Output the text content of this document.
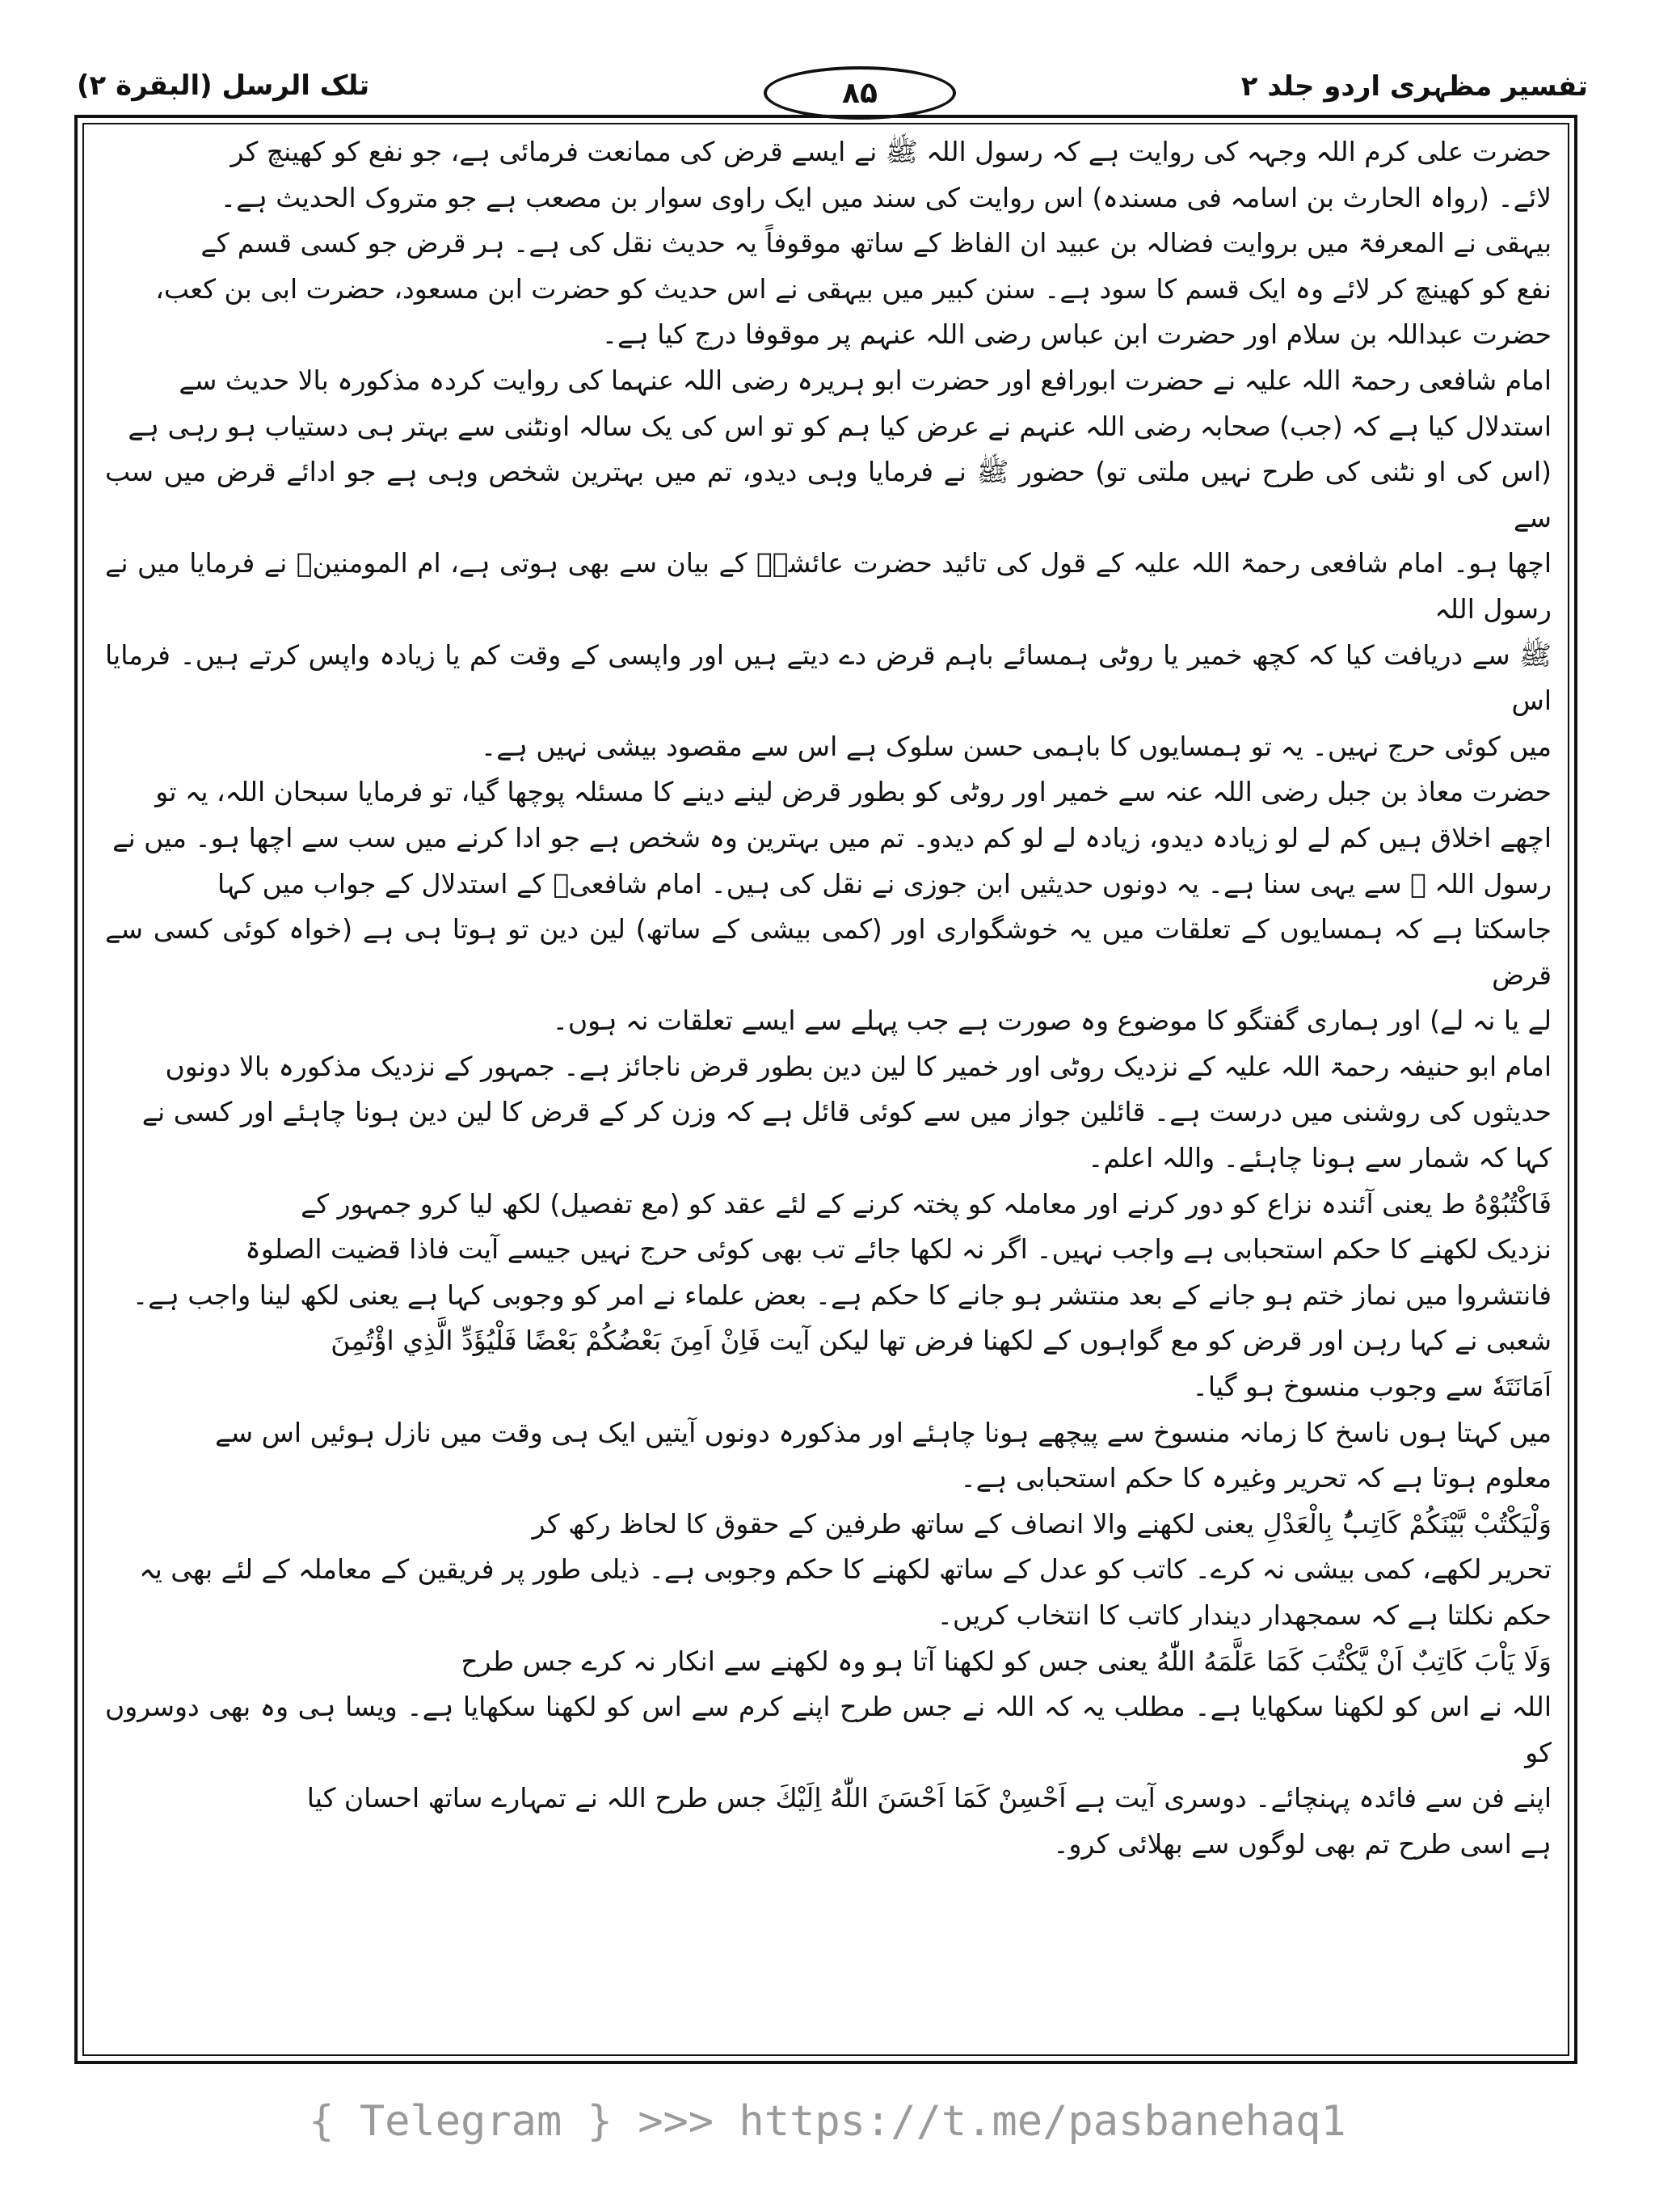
تلک الرسل (البقرة ۲)	۸۵	تفسیر مظہری اردو جلد ۲

حضرت علی کرم اللہ وجہہ کی روایت ہے کہ رسول اللہ ﷺ نے ایسے قرض کی ممانعت فرمائی ہے، جو نفع کو کھینچ کر

لائے۔ (رواہ الحارث بن اسامہ فی مسندہ) اس روایت کی سند میں ایک راوی سوار بن مصعب ہے جو متروک الحدیث ہے۔

بیہقی نے المعرفۃ میں بروایت فضالہ بن عبید ان الفاظ کے ساتھ موقوفاً یہ حدیث نقل کی ہے۔ ہر قرض جو کسی قسم کے

نفع کو کھینچ کر لائے وہ ایک قسم کا سود ہے۔ سنن کبیر میں بیہقی نے اس حدیث کو حضرت ابن مسعود، حضرت ابی بن کعب،

حضرت عبداللہ بن سلام اور حضرت ابن عباس رضی اللہ عنہم پر موقوفا درج کیا ہے۔

امام شافعی رحمۃ اللہ علیہ نے حضرت ابورافع اور حضرت ابو ہریرہ رضی اللہ عنہما کی روایت کردہ مذکورہ بالا حدیث سے

استدلال کیا ہے کہ (جب) صحابہ رضی اللہ عنہم نے عرض کیا ہم کو تو اس کی یک سالہ اونٹنی سے بہتر ہی دستیاب ہو رہی ہے

(اس کی او نٹنی کی طرح نہیں ملتی تو) حضور ﷺ نے فرمایا وہی دیدو، تم میں بہترین شخص وہی ہے جو ادائے قرض میں سب سے

اچھا ہو۔ امام شافعی رحمۃ اللہ علیہ کے قول کی تائید حضرت عائشہؓ کے بیان سے بھی ہوتی ہے، ام المومنینؓ نے فرمایا میں نے رسول اللہ

ﷺ سے دریافت کیا کہ کچھ خمیر یا روٹی ہمسائے باہم قرض دے دیتے ہیں اور واپسی کے وقت کم یا زیادہ واپس کرتے ہیں۔ فرمایا اس

میں کوئی حرج نہیں۔ یہ تو ہمسایوں کا باہمی حسن سلوک ہے اس سے مقصود بیشی نہیں ہے۔

حضرت معاذ بن جبل رضی اللہ عنہ سے خمیر اور روٹی کو بطور قرض لینے دینے کا مسئلہ پوچھا گیا، تو فرمایا سبحان اللہ، یہ تو

اچھے اخلاق ہیں کم لے لو زیادہ دیدو، زیادہ لے لو کم دیدو۔ تم میں بہترین وہ شخص ہے جو ادا کرنے میں سب سے اچھا ہو۔ میں نے

رسول اللہ ﷺ سے یہی سنا ہے۔ یہ دونوں حدیثیں ابن جوزی نے نقل کی ہیں۔ امام شافعیؒ کے استدلال کے جواب میں کہا

جاسکتا ہے کہ ہمسایوں کے تعلقات میں یہ خوشگواری اور (کمی بیشی کے ساتھ) لین دین تو ہوتا ہی ہے (خواہ کوئی کسی سے قرض

لے یا نہ لے) اور ہماری گفتگو کا موضوع وہ صورت ہے جب پہلے سے ایسے تعلقات نہ ہوں۔

امام ابو حنیفہ رحمۃ اللہ علیہ کے نزدیک روٹی اور خمیر کا لین دین بطور قرض ناجائز ہے۔ جمہور کے نزدیک مذکورہ بالا دونوں

حدیثوں کی روشنی میں درست ہے۔ قائلین جواز میں سے کوئی قائل ہے کہ وزن کر کے قرض کا لین دین ہونا چاہئے اور کسی نے

کہا کہ شمار سے ہونا چاہئے۔ واللہ اعلم۔

فَاكْتُبُوْهُ ط یعنی آئندہ نزاع کو دور کرنے اور معاملہ کو پختہ کرنے کے لئے عقد کو (مع تفصیل) لکھ لیا کرو جمہور کے

نزدیک لکھنے کا حکم استحبابی ہے واجب نہیں۔ اگر نہ لکھا جائے تب بھی کوئی حرج نہیں جیسے آیت فاذا قضیت الصلوۃ

فانتشروا میں نماز ختم ہو جانے کے بعد منتشر ہو جانے کا حکم ہے۔ بعض علماء نے امر کو وجوبی کہا ہے یعنی لکھ لینا واجب ہے۔

شعبی نے کہا رہن اور قرض کو مع گواہوں کے لکھنا فرض تھا لیکن آیت فَاِنْ اَمِنَ بَعْضُكُمْ بَعْضًا فَلْيُؤَدِّ الَّذِي اؤْتُمِنَ

اَمَانَتَهٗ سے وجوب منسوخ ہو گیا۔

میں کہتا ہوں ناسخ کا زمانہ منسوخ سے پیچھے ہونا چاہئے اور مذکورہ دونوں آیتیں ایک ہی وقت میں نازل ہوئیں اس سے

معلوم ہوتا ہے کہ تحریر وغیرہ کا حکم استحبابی ہے۔

وَلْيَكْتُبْ بَّيْنَكُمْ كَاتِبٌۢ بِالْعَدْلِ یعنی لکھنے والا انصاف کے ساتھ طرفین کے حقوق کا لحاظ رکھ کر

تحریر لکھے، کمی بیشی نہ کرے۔ کاتب کو عدل کے ساتھ لکھنے کا حکم وجوبی ہے۔ ذیلی طور پر فریقین کے معاملہ کے لئے بھی یہ

حکم نکلتا ہے کہ سمجھدار دیندار کاتب کا انتخاب کریں۔

وَلَا يَاْبَ كَاتِبٌ اَنْ يَّكْتُبَ كَمَا عَلَّمَهُ اللّٰهُ یعنی جس کو لکھنا آتا ہو وہ لکھنے سے انکار نہ کرے جس طرح

اللہ نے اس کو لکھنا سکھایا ہے۔ مطلب یہ کہ اللہ نے جس طرح اپنے کرم سے اس کو لکھنا سکھایا ہے۔ ویسا ہی وہ بھی دوسروں کو

اپنے فن سے فائدہ پہنچائے۔ دوسری آیت ہے اَحْسِنْ كَمَا اَحْسَنَ اللّٰهُ اِلَيْكَ جس طرح اللہ نے تمہارے ساتھ احسان کیا

ہے اسی طرح تم بھی لوگوں سے بھلائی کرو۔

{ Telegram } >>> https://t.me/pasbanehaq1
